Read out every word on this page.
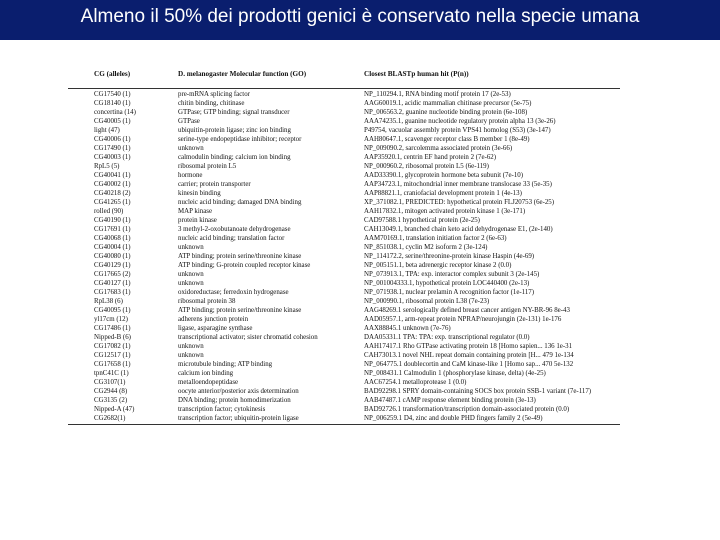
Almeno il 50% dei prodotti genici è conservato nella specie umana
CG (alleles)	D. melanogaster Molecular function (GO)	Closest BLASTp human hit (P(n))
CG17540 (1)	pre-mRNA splicing factor	NP_110294.1, RNA binding motif protein 17 (2e-53)
CG18140 (1)	chitin binding, chitinase	AAG60019.1, acidic mammalian chitinase precursor (5e-75)
concertina (14)	GTPase; GTP binding; signal transducer	NP_006563.2, guanine nucleotide binding protein (6e-108)
CG40005 (1)	GTPase	AAA74235.1, guanine nucleotide regulatory protein alpha 13 (3e-26)
light (47)	ubiquitin-protein ligase; zinc ion binding	P49754, vacuolar assembly protein VPS41 homolog (S53) (3e-147)
CG40006 (1)	serine-type endopeptidase inhibitor; receptor	AAH80647.1, scavenger receptor class B member 1 (8e-49)
CG17490 (1)	unknown	NP_009090.2, sarcolemma associated protein (3e-66)
CG40003 (1)	calmodulin binding; calcium ion binding	AAP35920.1, centrin EF hand protein 2 (7e-62)
RpL5 (5)	ribosomal protein L5	NP_000960.2, ribosomal protein L5 (6e-119)
CG40041 (1)	hormone	AAD33390.1, glycoprotein hormone beta subunit (7e-10)
CG40002 (1)	carrier; protein transporter	AAP34723.1, mitochondrial inner membrane translocase 33 (5e-35)
CG40218 (2)	kinesin binding	AAP88821.1, craniofacial development protein 1 (4e-13)
CG41265 (1)	nucleic acid binding; damaged DNA binding	XP_371082.1, PREDICTED: hypothetical protein FLJ20753 (6e-25)
rolled (90)	MAP kinase	AAH17832.1, mitogen activated protein kinase 1 (3e-171)
CG40190 (1)	protein kinase	CAD97588.1 hypothetical protein (2e-25)
CG17691 (1)	3 methyl-2-oxobutanoate dehydrogenase	CAH13049.1, branched chain keto acid dehydrogenase E1, (2e-140)
CG40068 (1)	nucleic acid binding; translation factor	AAM70169.1, translation initiation factor 2 (6e-63)
CG40004 (1)	unknown	NP_851038.1, cyclin M2 isoform 2 (3e-124)
CG40080 (1)	ATP binding; protein serine/threonine kinase	NP_114172.2, serine/threonine-protein kinase Haspin (4e-69)
CG40129 (1)	ATP binding; G-protein coupled receptor kinase	NP_005151.1, beta adrenergic receptor kinase 2 (0.0)
CG17665 (2)	unknown	NP_073913.1, TPA: exp. interactor complex subunit 3 (2e-145)
CG40127 (1)	unknown	NP_001004333.1, hypothetical protein LOC440400 (2e-13)
CG17683 (1)	oxidoreductase; ferredoxin hydrogenase	NP_071938.1, nuclear prelamin A recognition factor (1e-117)
RpL38 (6)	ribosomal protein 38	NP_000990.1, ribosomal protein L38 (7e-23)
CG40095 (1)	ATP binding; protein serine/threonine kinase	AAG48269.1 serologically defined breast cancer antigen NY-BR-96 8e-43
yl17cm (12)	adherens junction protein	AAD05957.1, arm-repeat protein NPRAP/neurojungin (2e-131) 1e-176
CG17486 (1)	ligase, asparagine synthase	AAX88845.1 unknown (7e-76)
Nipped-B (6)	transcriptional activator; sister chromatid cohesion	DAA05331.1 TPA: TPA: exp. transcriptional regulator (0.0)
CG17082 (1)	unknown	AAH17417.1 Rho GTPase activating protein 18 [Homo sapien... 136 1e-31
CG12517 (1)	unknown	CAH73013.1 novel NHL repeat domain containing protein [H... 479 1e-134
CG17658 (1)	microtubule binding; ATP binding	NP_064775.1 doublecortin and CaM kinase-like 1 [Homo sap... 470 5e-132
tpnC41C (1)	calcium ion binding	NP_008431.1 Calmodulin 1 (phosphorylase kinase, delta) (4e-25)
CG3107(1)	metalloendopeptidase	AAC67254.1 metalloprotease 1 (0.0)
CG2944 (8)	oocyte anterior/posterior axis determination	BAD92298.1 SPRY domain-containing SOCS box protein SSB-1 variant (7e-117)
CG3135 (2)	DNA binding; protein homodimerization	AAB47487.1 cAMP response element binding protein (3e-13)
Nipped-A (47)	transcription factor; cytokinesis	BAD92726.1 transformation/transcription domain-associated protein (0.0)
CG2682(1)	transcription factor; ubiquitin-protein ligase	NP_006259.1 D4, zinc and double PHD fingers family 2 (5e-49)
